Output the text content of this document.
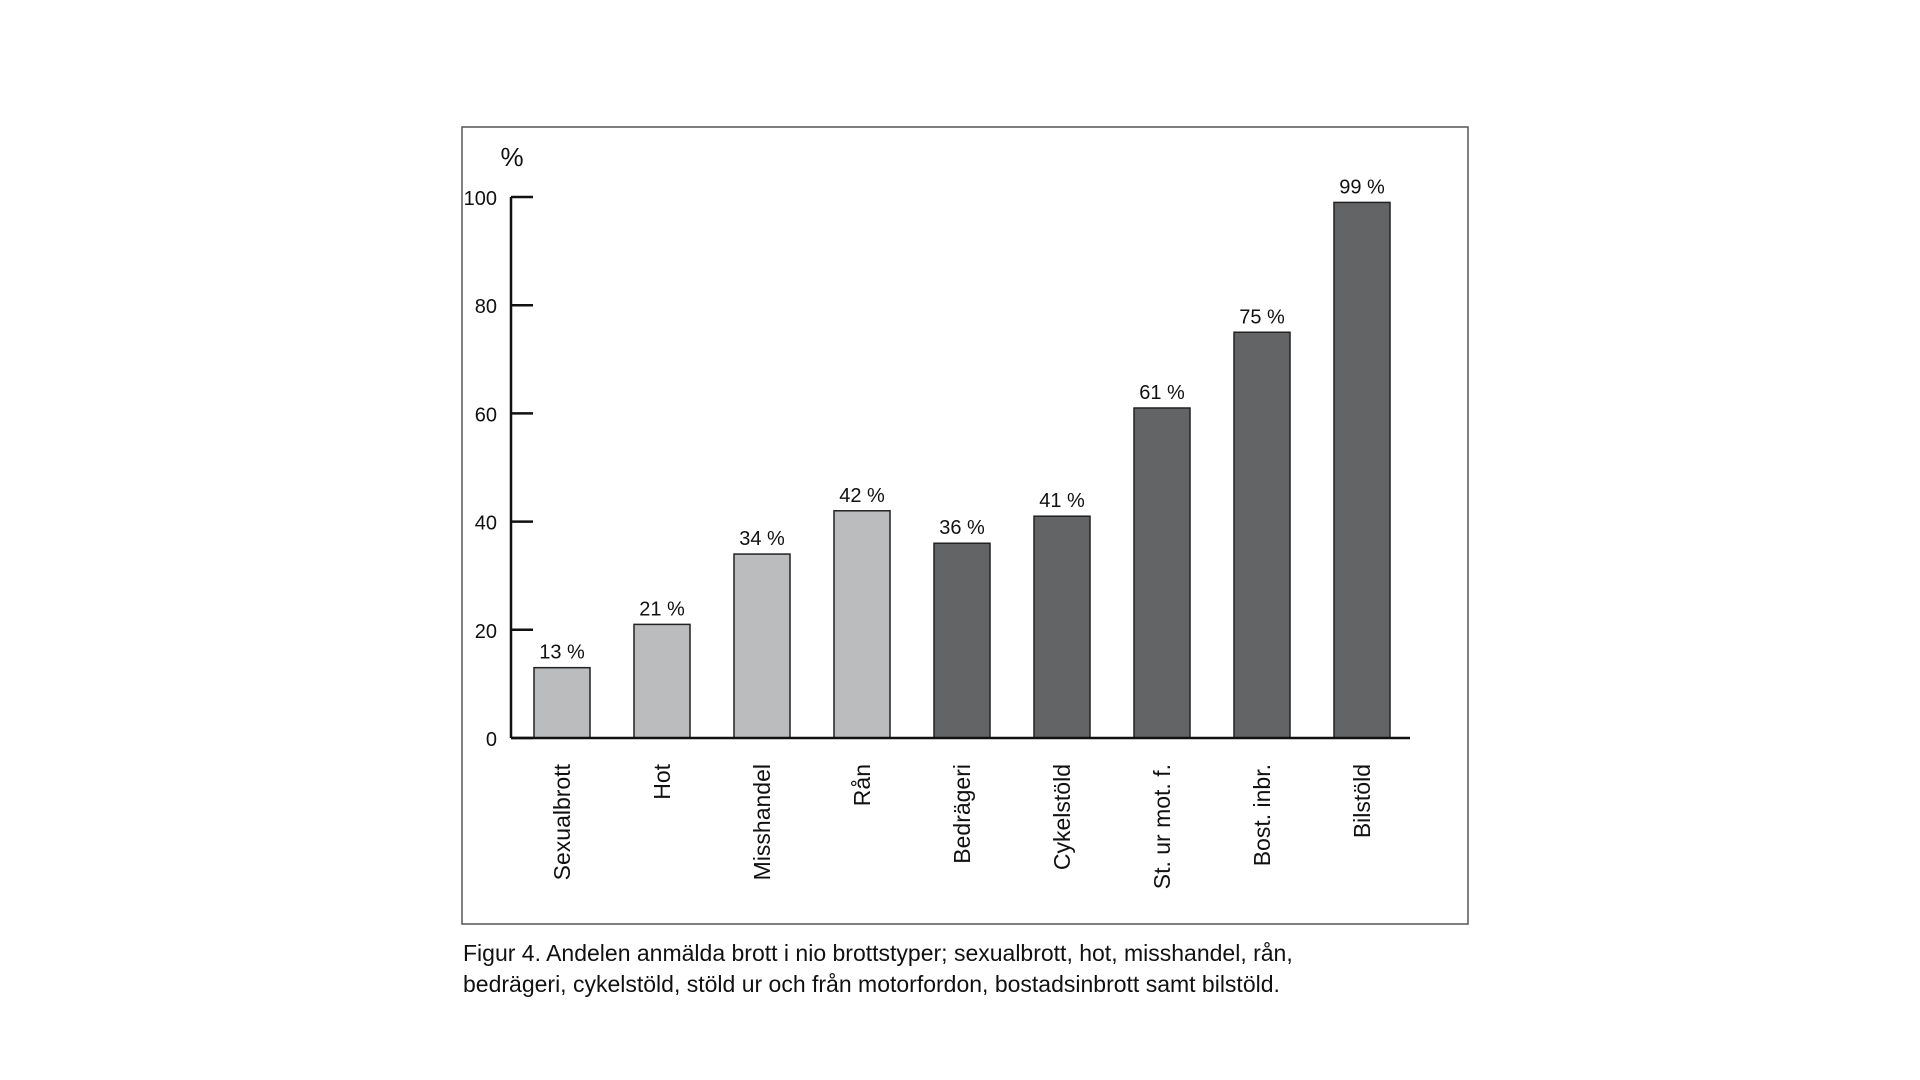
%
0
20
40
60
80
100
13 %
21 %
34 %
42 %
36 %
41 %
61 %
75 %
99 %
Sexualbrott	Hot	Misshandel	Rån	Bedrägeri	Cykelstöld	St. ur mot. f.	Bost. inbr.	Bilstöld
Figur 4. Andelen anmälda brott i nio brottstyper; sexualbrott, hot, misshandel, rån,
bedrägeri, cykelstöld, stöld ur och från motorfordon, bostadsinbrott samt bilstöld.
